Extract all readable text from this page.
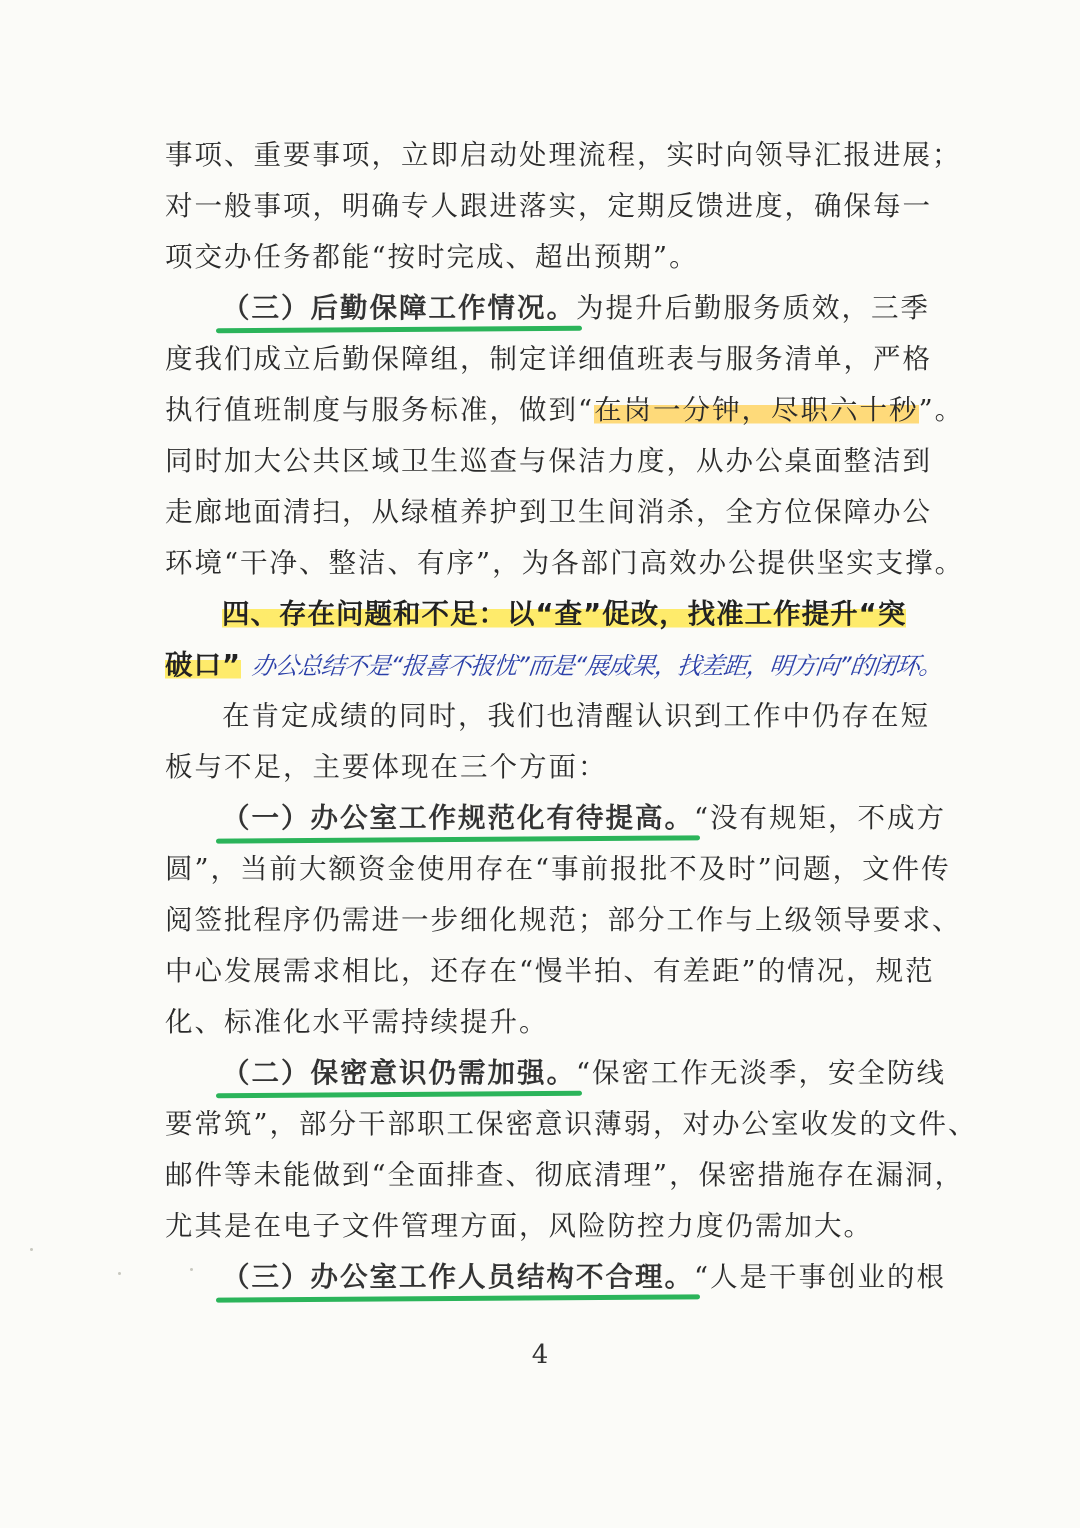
事项、重要事项，立即启动处理流程，实时向领导汇报进展；
对一般事项，明确专人跟进落实，定期反馈进度，确保每一
项交办任务都能“按时完成、超出预期”。
（三）后勤保障工作情况。为提升后勤服务质效，三季
度我们成立后勤保障组，制定详细值班表与服务清单，严格
执行值班制度与服务标准，做到“在岗一分钟，尽职六十秒”。
同时加大公共区域卫生巡查与保洁力度，从办公桌面整洁到
走廊地面清扫，从绿植养护到卫生间消杀，全方位保障办公
环境“干净、整洁、有序”，为各部门高效办公提供坚实支撑。
四、存在问题和不足：以“查”促改，找准工作提升“突
破口” 办公总结不是“报喜不报忧”而是“展成果，找差距，明方向”的闭环。
在肯定成绩的同时，我们也清醒认识到工作中仍存在短
板与不足，主要体现在三个方面：
（一）办公室工作规范化有待提高。“没有规矩，不成方
圆”，当前大额资金使用存在“事前报批不及时”问题，文件传
阅签批程序仍需进一步细化规范；部分工作与上级领导要求、
中心发展需求相比，还存在“慢半拍、有差距”的情况，规范
化、标准化水平需持续提升。
（二）保密意识仍需加强。“保密工作无淡季，安全防线
要常筑”，部分干部职工保密意识薄弱，对办公室收发的文件、
邮件等未能做到“全面排查、彻底清理”，保密措施存在漏洞，
尤其是在电子文件管理方面，风险防控力度仍需加大。
（三）办公室工作人员结构不合理。“人是干事创业的根
4
